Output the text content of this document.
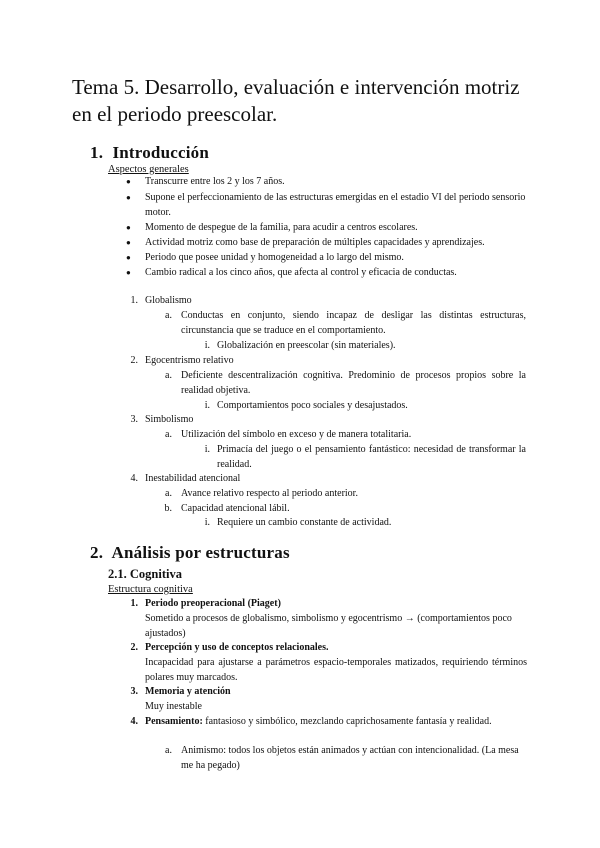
Tema 5. Desarrollo, evaluación e intervención motriz en el periodo preescolar.
1. Introducción

Aspectos generales

● Transcurre entre los 2 y los 7 años.

● Supone el perfeccionamiento de las estructuras emergidas en el estadio VI del periodo sensorio motor.

● Momento de despegue de la familia, para acudir a centros escolares.

● Actividad motriz como base de preparación de múltiples capacidades y aprendizajes.

● Periodo que posee unidad y homogeneidad a lo largo del mismo.

● Cambio radical a los cinco años, que afecta al control y eficacia de conductas.

1. Globalismo

a. Conductas en conjunto, siendo incapaz de desligar las distintas estructuras, circunstancia que se traduce en el comportamiento.

i. Globalización en preescolar (sin materiales).

2. Egocentrismo relativo

a. Deficiente descentralización cognitiva. Predominio de procesos propios sobre la realidad objetiva.

i. Comportamientos poco sociales y desajustados.

3. Simbolismo

a. Utilización del símbolo en exceso y de manera totalitaria.

i. Primacía del juego o el pensamiento fantástico: necesidad de transformar la realidad.

4. Inestabilidad atencional

a. Avance relativo respecto al periodo anterior.

b. Capacidad atencional lábil.

i. Requiere un cambio constante de actividad.

2. Análisis por estructuras
2.1. Cognitiva

Estructura cognitiva

1. Periodo preoperacional (Piaget)

Sometido a procesos de globalismo, simbolismo y egocentrismo → (comportamientos poco ajustados)

2. Percepción y uso de conceptos relacionales.

Incapacidad para ajustarse a parámetros espacio-temporales matizados, requiriendo términos polares muy marcados.

3. Memoria y atención

Muy inestable

4. Pensamiento: fantasioso y simbólico, mezclando caprichosamente fantasía y realidad.

a. Animismo: todos los objetos están animados y actúan con intencionalidad. (La mesa me ha pegado)
